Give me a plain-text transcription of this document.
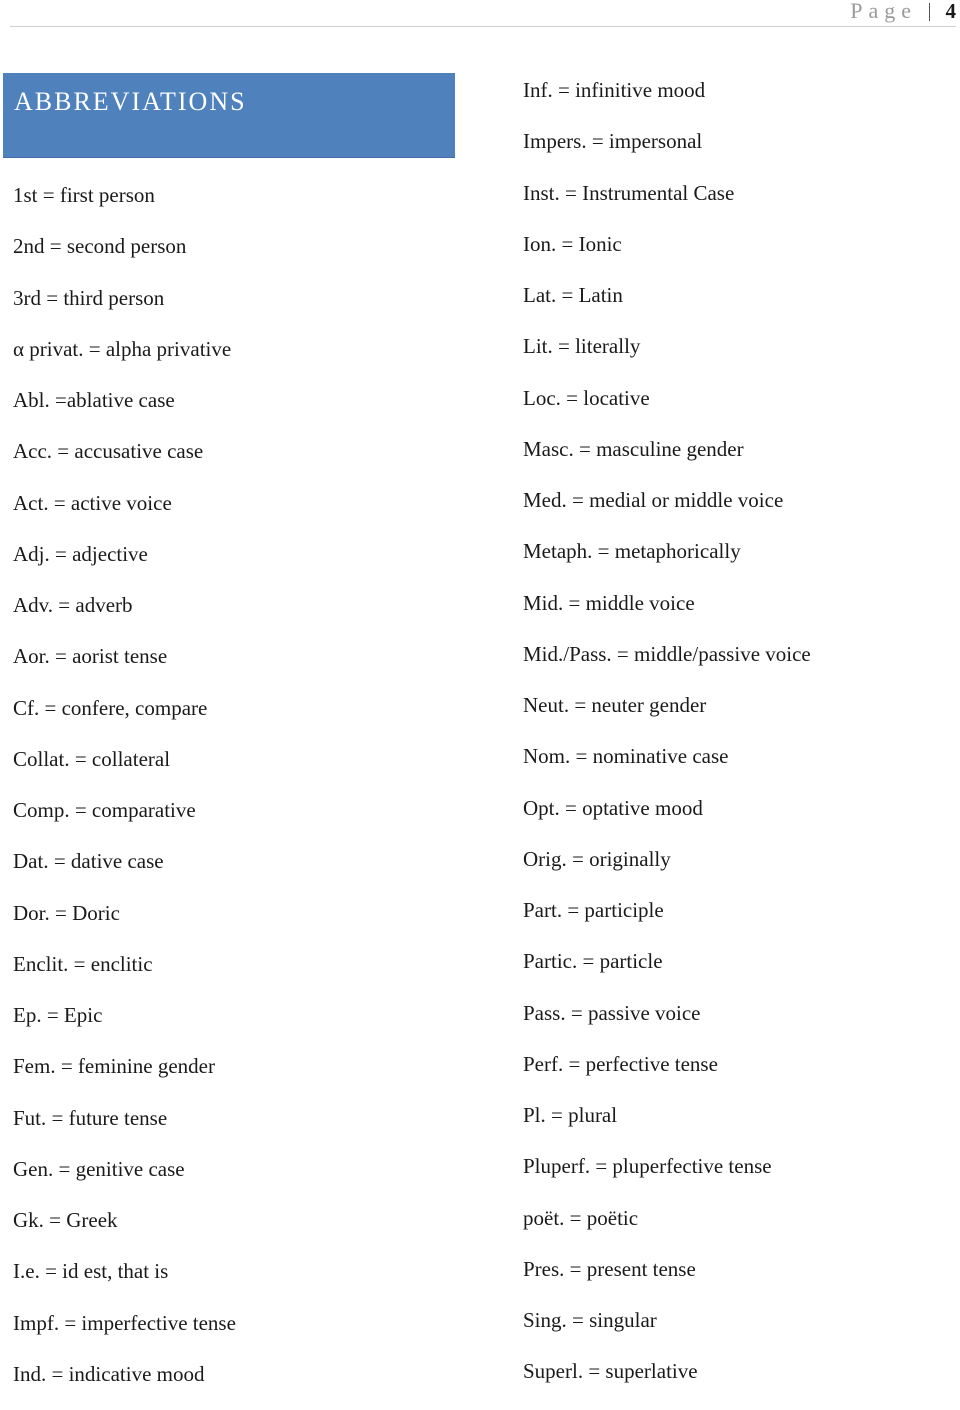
Page 4
ABBREVIATIONS
1st = first person
2nd = second person
3rd = third person
α privat. = alpha privative
Abl. =ablative case
Acc. = accusative case
Act. = active voice
Adj. = adjective
Adv. = adverb
Aor. = aorist tense
Cf. = confere, compare
Collat. = collateral
Comp. = comparative
Dat. = dative case
Dor. = Doric
Enclit. = enclitic
Ep. = Epic
Fem. = feminine gender
Fut. = future tense
Gen. = genitive case
Gk. = Greek
I.e. = id est, that is
Impf. = imperfective tense
Ind. = indicative mood
Inf. = infinitive mood
Impers. = impersonal
Inst. = Instrumental Case
Ion. = Ionic
Lat. = Latin
Lit. = literally
Loc. = locative
Masc. = masculine gender
Med. = medial or middle voice
Metaph. = metaphorically
Mid. = middle voice
Mid./Pass. = middle/passive voice
Neut. = neuter gender
Nom. = nominative case
Opt. = optative mood
Orig. = originally
Part. = participle
Partic. = particle
Pass. = passive voice
Perf. = perfective tense
Pl. = plural
Pluperf. = pluperfective tense
poët. = poëtic
Pres. = present tense
Sing. = singular
Superl. = superlative
